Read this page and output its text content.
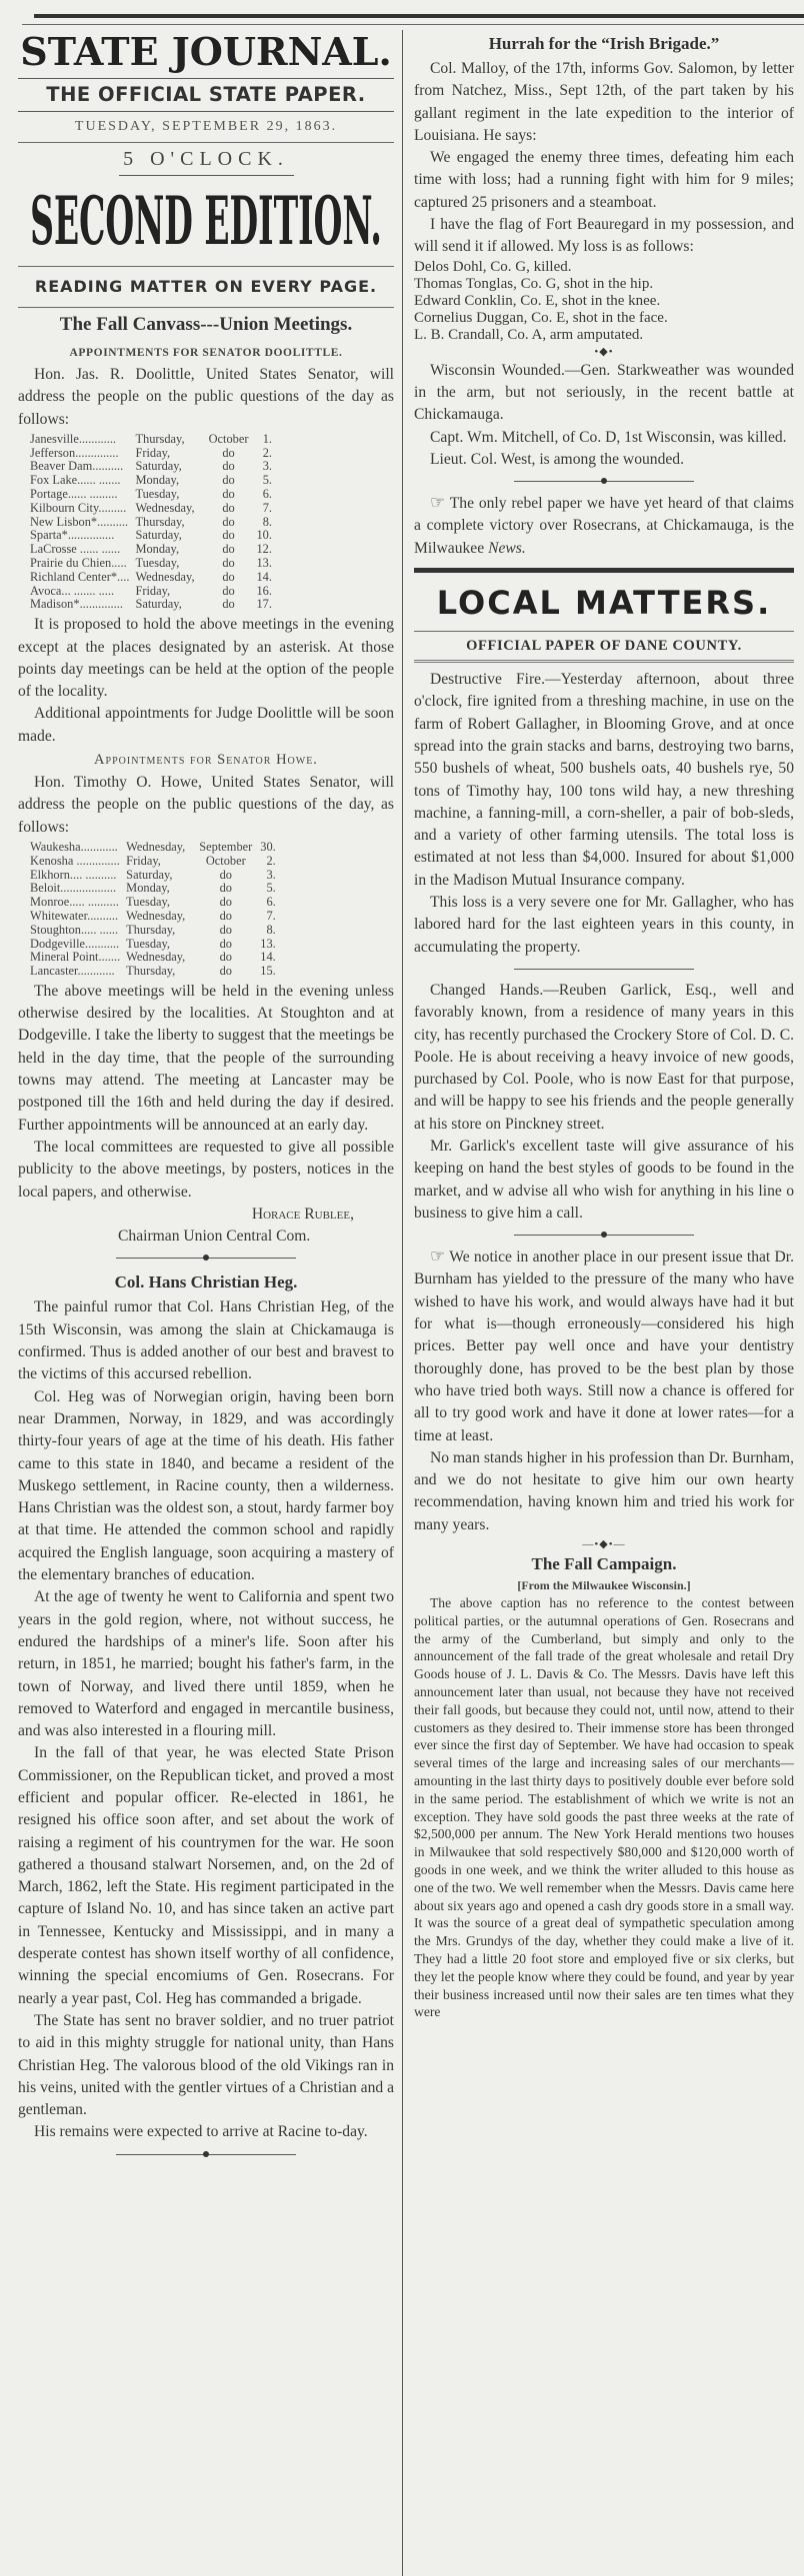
STATE JOURNAL.
THE OFFICIAL STATE PAPER.
TUESDAY, SEPTEMBER 29, 1863.
5 O'CLOCK.
SECOND EDITION.
READING MATTER ON EVERY PAGE.
The Fall Canvass---Union Meetings.
APPOINTMENTS FOR SENATOR DOOLITTLE.

Hon. Jas. R. Doolittle, United States Senator, will address the people on the public questions of the day as follows:

Janesville............	Thursday,	October	1.
Jefferson..............	Friday,	do	2.
Beaver Dam..........	Saturday,	do	3.
Fox Lake...... .......	Monday,	do	5.
Portage...... .........	Tuesday,	do	6.
Kilbourn City.........	Wednesday,	do	7.
New Lisbon*..........	Thursday,	do	8.
Sparta*...............	Saturday,	do	10.
LaCrosse ...... ......	Monday,	do	12.
Prairie du Chien.....	Tuesday,	do	13.
Richland Center*....	Wednesday,	do	14.
Avoca... ....... .....	Friday,	do	16.
Madison*..............	Saturday,	do	17.

It is proposed to hold the above meetings in the evening except at the places designated by an asterisk. At those points day meetings can be held at the option of the people of the locality.

Additional appointments for Judge Doolittle will be soon made.

Appointments for Senator Howe.

Hon. Timothy O. Howe, United States Senator, will address the people on the public questions of the day, as follows:

Waukesha............	Wednesday,	September	30.
Kenosha ..............	Friday,	October	2.
Elkhorn.... ..........	Saturday,	do	3.
Beloit..................	Monday,	do	5.
Monroe..... ..........	Tuesday,	do	6.
Whitewater..........	Wednesday,	do	7.
Stoughton..... ......	Thursday,	do	8.
Dodgeville...........	Tuesday,	do	13.
Mineral Point.......	Wednesday,	do	14.
Lancaster............	Thursday,	do	15.

The above meetings will be held in the evening unless otherwise desired by the localities. At Stoughton and at Dodgeville. I take the liberty to suggest that the meetings be held in the day time, that the people of the surrounding towns may attend. The meeting at Lancaster may be postponed till the 16th and held during the day if desired. Further appointments will be announced at an early day.

The local committees are requested to give all possible publicity to the above meetings, by posters, notices in the local papers, and otherwise.

Horace Rublee,

Chairman Union Central Com.

Col. Hans Christian Heg.

The painful rumor that Col. Hans Christian Heg, of the 15th Wisconsin, was among the slain at Chickamauga is confirmed. Thus is added another of our best and bravest to the victims of this accursed rebellion.

Col. Heg was of Norwegian origin, having been born near Drammen, Norway, in 1829, and was accordingly thirty-four years of age at the time of his death. His father came to this state in 1840, and became a resident of the Muskego settlement, in Racine county, then a wilderness. Hans Christian was the oldest son, a stout, hardy farmer boy at that time. He attended the common school and rapidly acquired the English language, soon acquiring a mastery of the elementary branches of education.

At the age of twenty he went to California and spent two years in the gold region, where, not without success, he endured the hardships of a miner's life. Soon after his return, in 1851, he married; bought his father's farm, in the town of Norway, and lived there until 1859, when he removed to Waterford and engaged in mercantile business, and was also interested in a flouring mill.

In the fall of that year, he was elected State Prison Commissioner, on the Republican ticket, and proved a most efficient and popular officer. Re-elected in 1861, he resigned his office soon after, and set about the work of raising a regiment of his countrymen for the war. He soon gathered a thousand stalwart Norsemen, and, on the 2d of March, 1862, left the State. His regiment participated in the capture of Island No. 10, and has since taken an active part in Tennessee, Kentucky and Mississippi, and in many a desperate contest has shown itself worthy of all confidence, winning the special encomiums of Gen. Rosecrans. For nearly a year past, Col. Heg has commanded a brigade.

The State has sent no braver soldier, and no truer patriot to aid in this mighty struggle for national unity, than Hans Christian Heg. The valorous blood of the old Vikings ran in his veins, united with the gentler virtues of a Christian and a gentleman.

His remains were expected to arrive at Racine to-day.

Hurrah for the “Irish Brigade.”

Col. Malloy, of the 17th, informs Gov. Salomon, by letter from Natchez, Miss., Sept 12th, of the part taken by his gallant regiment in the late expedition to the interior of Louisiana. He says:

We engaged the enemy three times, defeating him each time with loss; had a running fight with him for 9 miles; captured 25 prisoners and a steamboat.

I have the flag of Fort Beauregard in my possession, and will send it if allowed. My loss is as follows:

Delos Dohl, Co. G, killed.

Thomas Tonglas, Co. G, shot in the hip.

Edward Conklin, Co. E, shot in the knee.

Cornelius Duggan, Co. E, shot in the face.

L. B. Crandall, Co. A, arm amputated.

•◆•

Wisconsin Wounded.—Gen. Starkweather was wounded in the arm, but not seriously, in the recent battle at Chickamauga.

Capt. Wm. Mitchell, of Co. D, 1st Wisconsin, was killed.

Lieut. Col. West, is among the wounded.

☞ The only rebel paper we have yet heard of that claims a complete victory over Rosecrans, at Chickamauga, is the Milwaukee News.

LOCAL MATTERS.
OFFICIAL PAPER OF DANE COUNTY.

Destructive Fire.—Yesterday afternoon, about three o'clock, fire ignited from a threshing machine, in use on the farm of Robert Gallagher, in Blooming Grove, and at once spread into the grain stacks and barns, destroying two barns, 550 bushels of wheat, 500 bushels oats, 40 bushels rye, 50 tons of Timothy hay, 100 tons wild hay, a new threshing machine, a fanning-mill, a corn-sheller, a pair of bob-sleds, and a variety of other farming utensils. The total loss is estimated at not less than $4,000. Insured for about $1,000 in the Madison Mutual Insurance company.

This loss is a very severe one for Mr. Gallagher, who has labored hard for the last eighteen years in this county, in accumulating the property.

Changed Hands.—Reuben Garlick, Esq., well and favorably known, from a residence of many years in this city, has recently purchased the Crockery Store of Col. D. C. Poole. He is about receiving a heavy invoice of new goods, purchased by Col. Poole, who is now East for that purpose, and will be happy to see his friends and the people generally at his store on Pinckney street.

Mr. Garlick's excellent taste will give assurance of his keeping on hand the best styles of goods to be found in the market, and w advise all who wish for anything in his line o business to give him a call.

☞ We notice in another place in our present issue that Dr. Burnham has yielded to the pressure of the many who have wished to have his work, and would always have had it but for what is—though erroneously—considered his high prices. Better pay well once and have your dentistry thoroughly done, has proved to be the best plan by those who have tried both ways. Still now a chance is offered for all to try good work and have it done at lower rates—for a time at least.

No man stands higher in his profession than Dr. Burnham, and we do not hesitate to give him our own hearty recommendation, having known him and tried his work for many years.

—•◆•—
The Fall Campaign.
[From the Milwaukee Wisconsin.]

The above caption has no reference to the contest between political parties, or the autumnal operations of Gen. Rosecrans and the army of the Cumberland, but simply and only to the announcement of the fall trade of the great wholesale and retail Dry Goods house of J. L. Davis & Co. The Messrs. Davis have left this announcement later than usual, not because they have not received their fall goods, but because they could not, until now, attend to their customers as they desired to. Their immense store has been thronged ever since the first day of September. We have had occasion to speak several times of the large and increasing sales of our merchants—amounting in the last thirty days to positively double ever before sold in the same period. The establishment of which we write is not an exception. They have sold goods the past three weeks at the rate of $2,500,000 per annum. The New York Herald mentions two houses in Milwaukee that sold respectively $80,000 and $120,000 worth of goods in one week, and we think the writer alluded to this house as one of the two. We well remember when the Messrs. Davis came here about six years ago and opened a cash dry goods store in a small way. It was the source of a great deal of sympathetic speculation among the Mrs. Grundys of the day, whether they could make a live of it. They had a little 20 foot store and employed five or six clerks, but they let the people know where they could be found, and year by year their business increased until now their sales are ten times what they were
